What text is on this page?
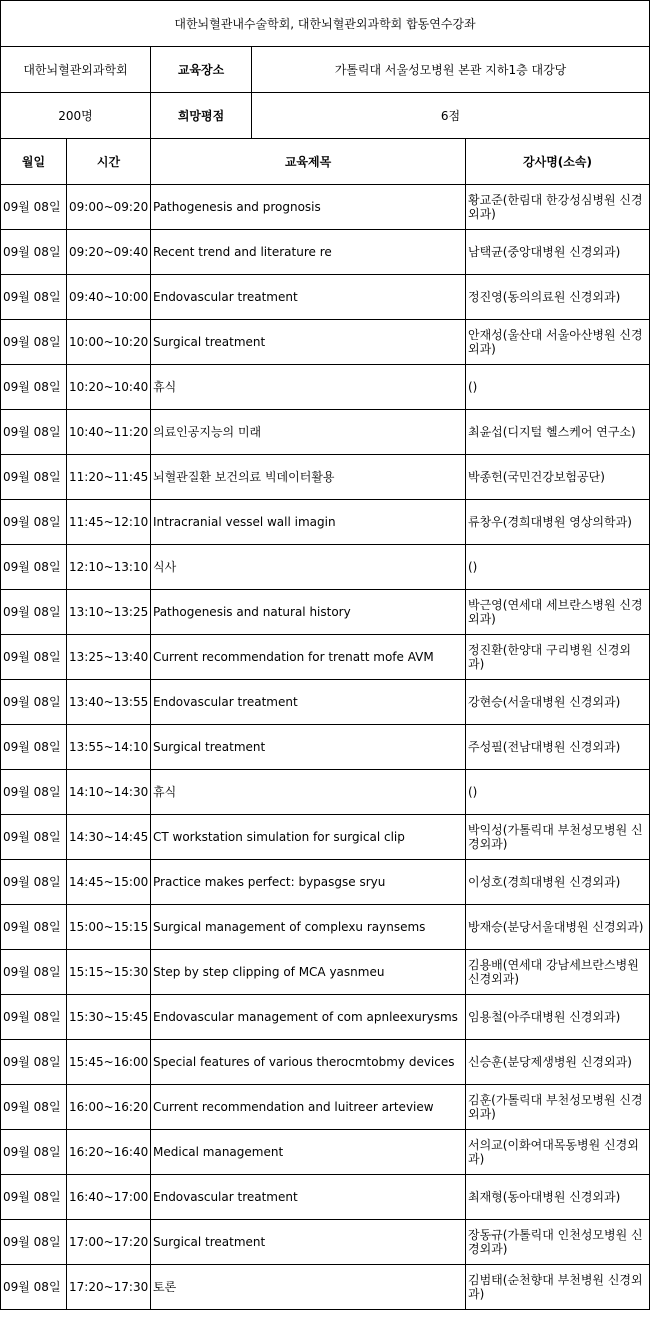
대한뇌혈관내수술학회, 대한뇌혈관외과학회 합동연수강좌				
대한뇌혈관외과학회		교육장소	가톨릭대 서울성모병원 본관 지하1층 대강당	
200명		희망평점	6점	
월일	시간	교육제목		강사명(소속)
09월 08일	09:00~09:20	Pathogenesis and prognosis		황교준(한림대 한강성심병원 신경외과)
09월 08일	09:20~09:40	Recent trend and literature re		남택균(중앙대병원 신경외과)
09월 08일	09:40~10:00	Endovascular treatment		정진영(동의의료원 신경외과)
09월 08일	10:00~10:20	Surgical treatment		안재성(울산대 서울아산병원 신경외과)
09월 08일	10:20~10:40	휴식		()
09월 08일	10:40~11:20	의료인공지능의 미래		최윤섭(디지털 헬스케어 연구소)
09월 08일	11:20~11:45	뇌혈관질환 보건의료 빅데이터활용		박종헌(국민건강보험공단)
09월 08일	11:45~12:10	Intracranial vessel wall imagin		류창우(경희대병원 영상의학과)
09월 08일	12:10~13:10	식사		()
09월 08일	13:10~13:25	Pathogenesis and natural history		박근영(연세대 세브란스병원 신경외과)
09월 08일	13:25~13:40	Current recommendation for trenatt mofe AVM		정진환(한양대 구리병원 신경외과)
09월 08일	13:40~13:55	Endovascular treatment		강현승(서울대병원 신경외과)
09월 08일	13:55~14:10	Surgical treatment		주성필(전남대병원 신경외과)
09월 08일	14:10~14:30	휴식		()
09월 08일	14:30~14:45	CT workstation simulation for surgical clip		박익성(가톨릭대 부천성모병원 신경외과)
09월 08일	14:45~15:00	Practice makes perfect: bypasgse sryu		이성호(경희대병원 신경외과)
09월 08일	15:00~15:15	Surgical management of complexu raynsems		방재승(분당서울대병원 신경외과)
09월 08일	15:15~15:30	Step by step clipping of MCA yasnmeu		김용배(연세대 강남세브란스병원 신경외과)
09월 08일	15:30~15:45	Endovascular management of com apnleexurysms		임용철(아주대병원 신경외과)
09월 08일	15:45~16:00	Special features of various therocmtobmy devices		신승훈(분당제생병원 신경외과)
09월 08일	16:00~16:20	Current recommendation and luitreer arteview		김훈(가톨릭대 부천성모병원 신경외과)
09월 08일	16:20~16:40	Medical management		서의교(이화여대목동병원 신경외과)
09월 08일	16:40~17:00	Endovascular treatment		최재형(동아대병원 신경외과)
09월 08일	17:00~17:20	Surgical treatment		장동규(가톨릭대 인천성모병원 신경외과)
09월 08일	17:20~17:30	토론		김범태(순천향대 부천병원 신경외과)
